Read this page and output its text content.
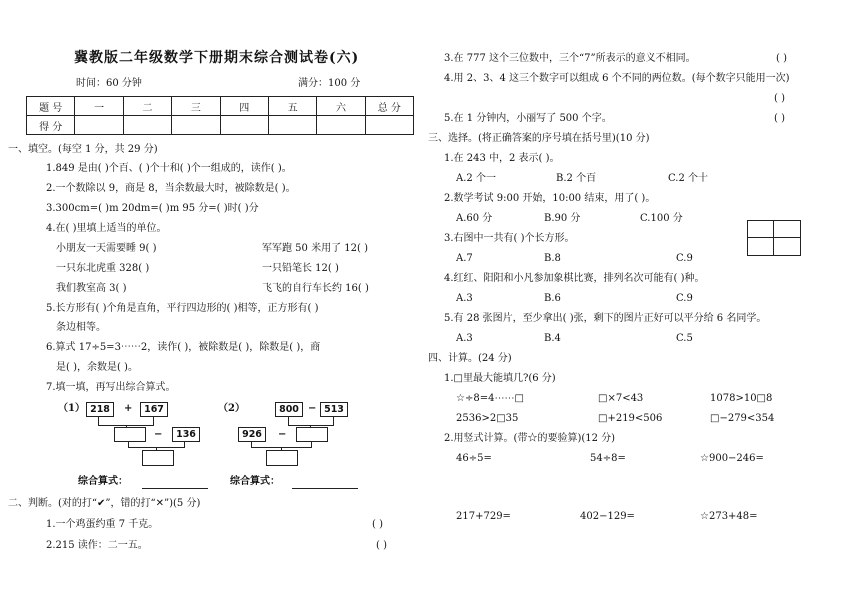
冀教版二年级数学下册期末综合测试卷(六)
时间：60 分钟	满分：100 分
题 号	一	二	三	四	五	六	总 分
得 分							
一、填空。(每空 1 分，共 29 分)
1.849 是由( )个百、( )个十和( )个一组成的，读作( )。
2.一个数除以 9，商是 8，当余数最大时，被除数是( )。
3.300cm=( )m 20dm=( )m 95 分=( )时( )分
4.在( )里填上适当的单位。
小朋友一天需要睡 9( )	军军跑 50 米用了 12( )
一只东北虎重 328( )	一只铅笔长 12( )
我们教室高 3( )	飞飞的自行车长约 16( )
5.长方形有( )个角是直角，平行四边形的( )相等，正方形有( )
条边相等。
6.算式 17÷5=3⋯⋯2，读作( )，被除数是( )，除数是( )，商
是( )，余数是( )。
7.填一填，再写出综合算式。
（1） 218	+	167
−	136
（2）	800 − 513
926	−
综合算式：	综合算式：
二、判断。(对的打“✔”，错的打“✕”)(5 分)
1.一个鸡蛋约重 7 千克。	( )
2.215 读作：二一五。	( )
3.在 777 这个三位数中，三个“7”所表示的意义不相同。	( )
4.用 2、3、4 这三个数字可以组成 6 个不同的两位数。(每个数字只能用一次)
( )
5.在 1 分钟内，小丽写了 500 个字。	( )
三、选择。(将正确答案的序号填在括号里)(10 分)
1.在 243 中，2 表示( )。
A.2 个一	B.2 个百	C.2 个十
2.数学考试 9:00 开始，10:00 结束，用了( )。
A.60 分	B.90 分	C.100 分
3.右图中一共有( )个长方形。
A.7	B.8	C.9
4.红红、阳阳和小凡参加象棋比赛，排列名次可能有( )种。
A.3	B.6	C.9
5.有 28 张图片，至少拿出( )张，剩下的图片正好可以平分给 6 名同学。
A.3	B.4	C.5
四、计算。(24 分)
1.□里最大能填几?(6 分)
☆÷8=4⋯⋯□	□×7<43	1078>10□8
2536>2□35	□+219<506	□−279<354
2.用竖式计算。(带☆的要验算)(12 分)
46÷5=	54÷8=	☆900−246=
217+729=	402−129=	☆273+48=
